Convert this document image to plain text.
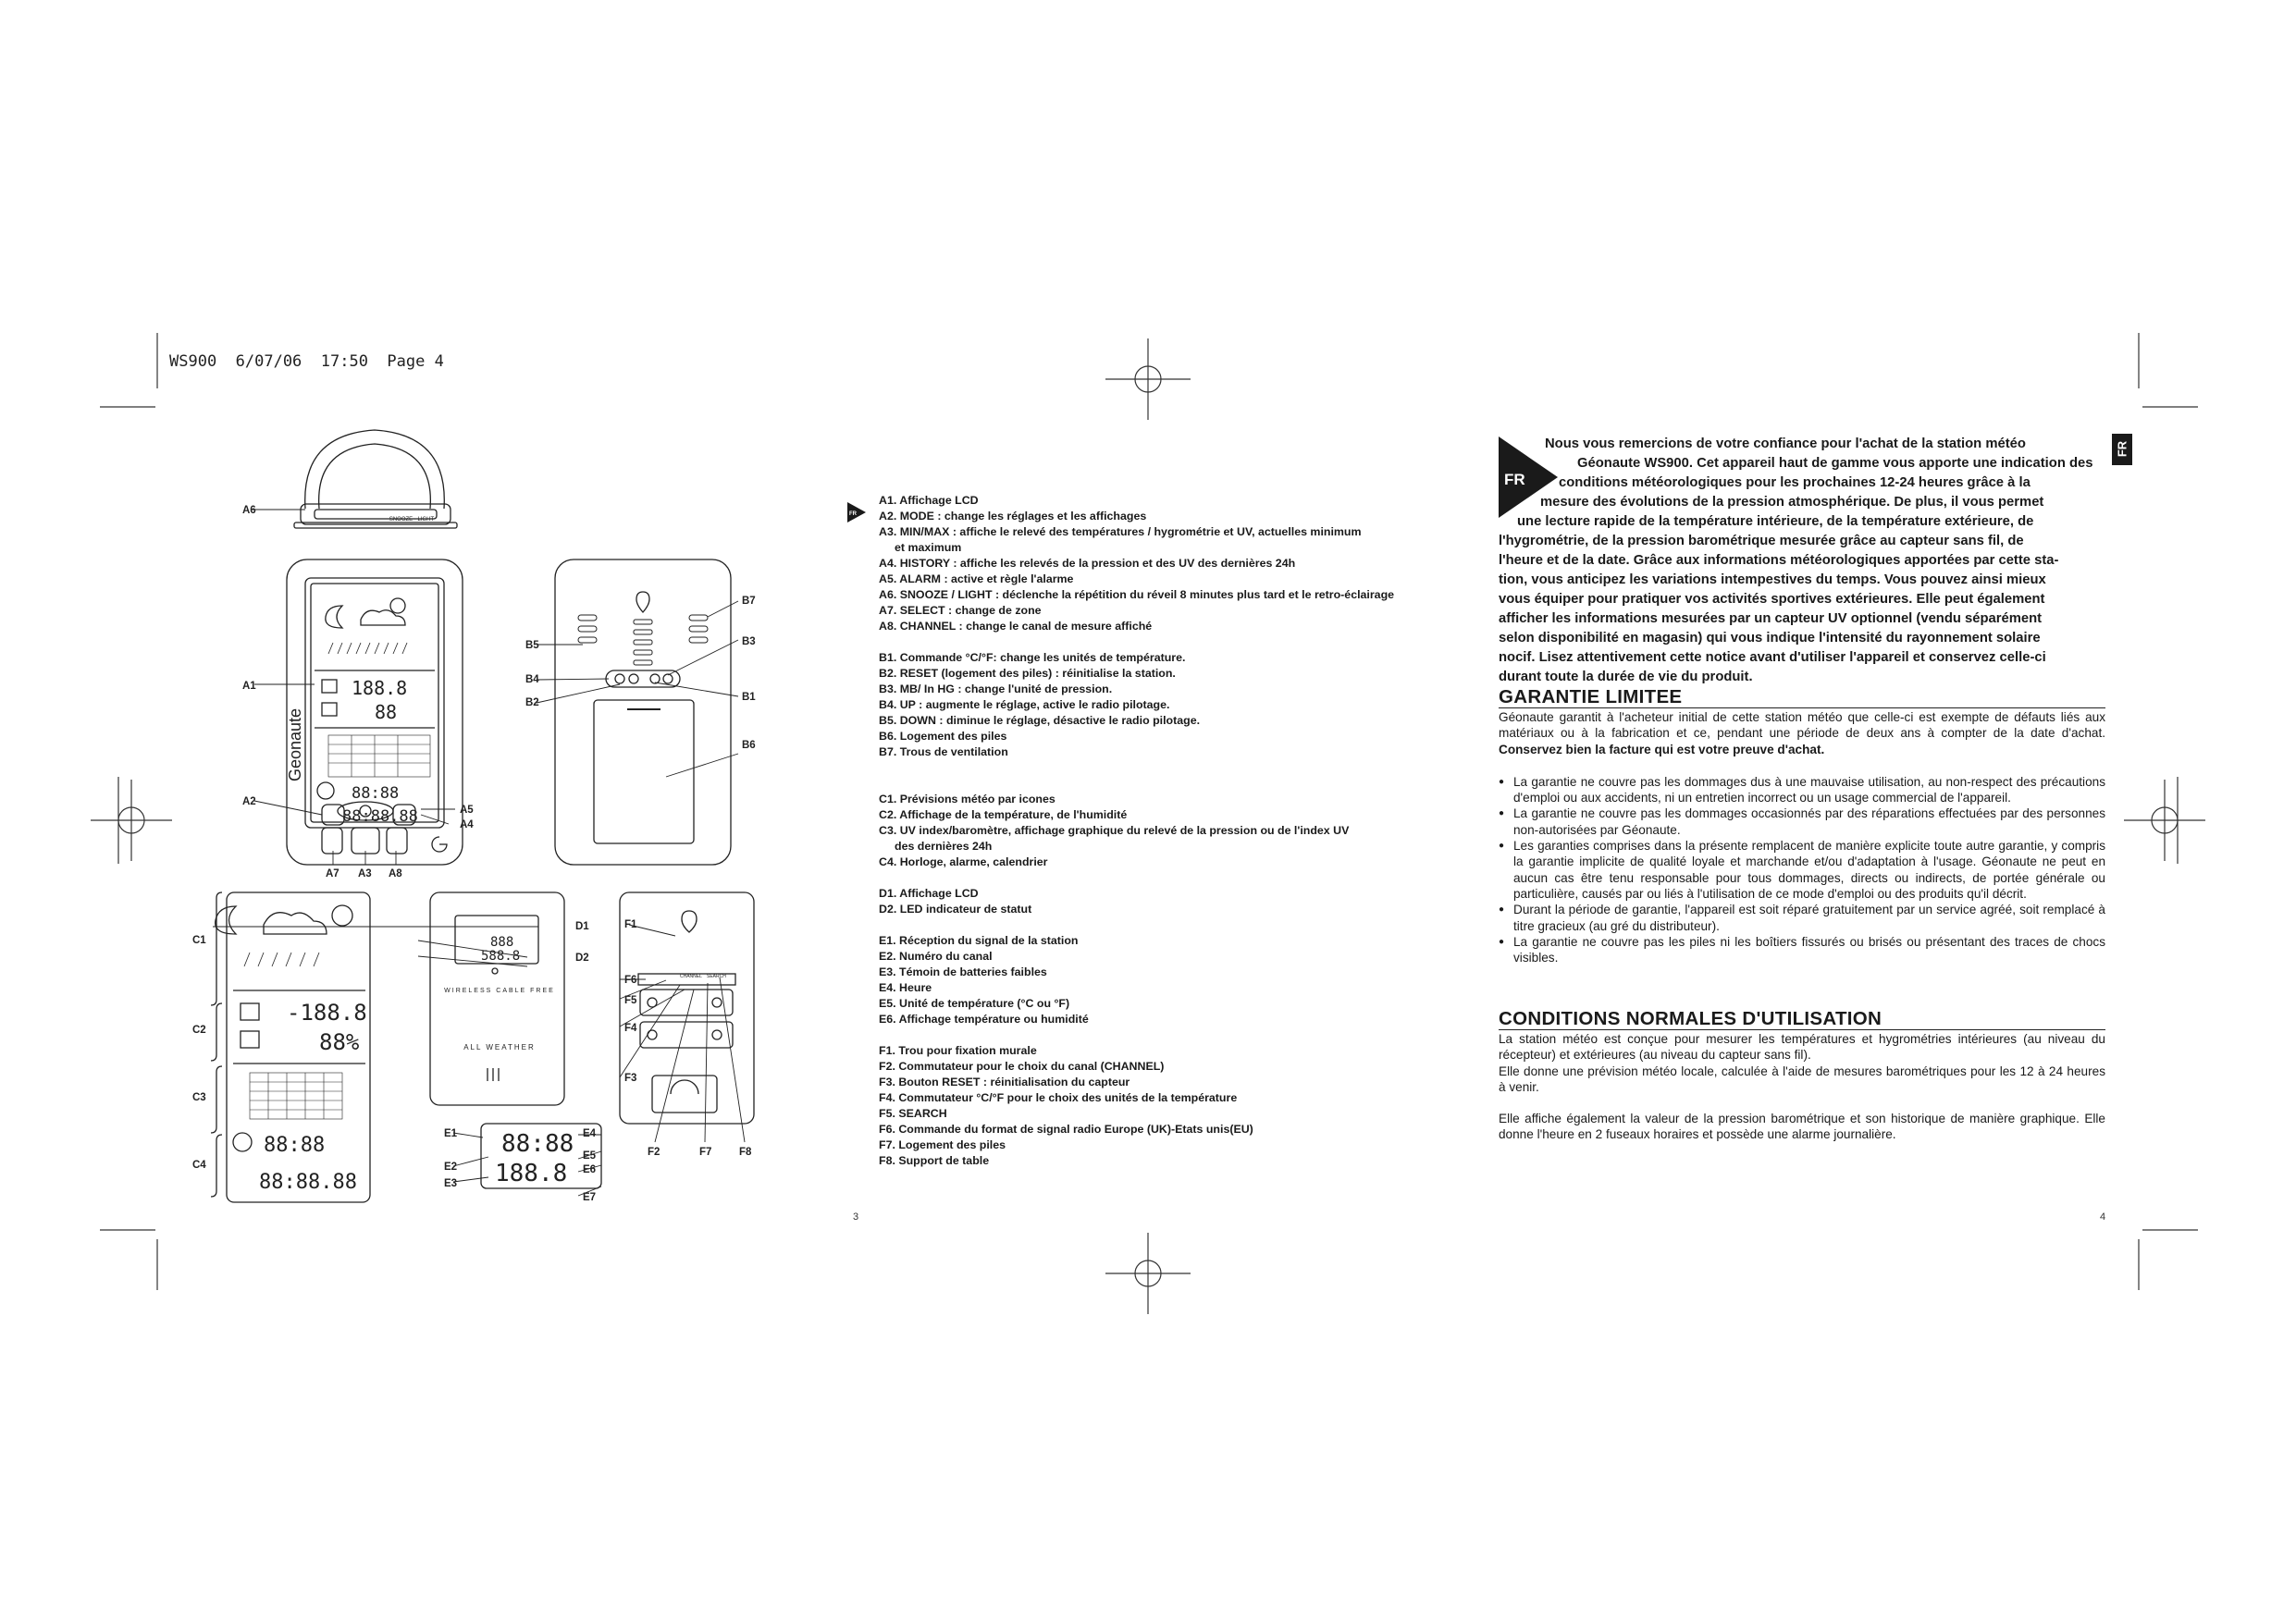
WS900  6/07/06  17:50  Page 4
188.8
88
88:88
88:88.88
-188.8
88%
88:88
88:88.88
888
588.8
88:88
188.8
SNOOZE · LIGHT
Geonaute
ALL WEATHER
WIRELESS CABLE FREE
CHANNEL SEARCH
A6
A1
A2
A5
A4
A7 A3 A8
B7
B5	B3
B4
B1
B2
B6
C1
C2
C3
C4
D1
D2
E1
E2
E3
E4
E5
E6
E7
F1
F6
F5
F4
F3
F2	F7	F8
FR
A1. Affichage LCD
A2. MODE : change les réglages et les affichages
A3. MIN/MAX : affiche le relevé des températures / hygrométrie et UV, actuelles minimum
et maximum
A4. HISTORY : affiche les relevés de la pression et des UV des dernières 24h
A5. ALARM : active et règle l'alarme
A6. SNOOZE / LIGHT : déclenche la répétition du réveil 8 minutes plus tard et le retro-éclairage
A7. SELECT : change de zone
A8. CHANNEL : change le canal de mesure affiché
B1. Commande °C/°F: change les unités de température.
B2. RESET (logement des piles) : réinitialise la station.
B3. MB/ In HG : change l'unité de pression.
B4. UP : augmente le réglage, active le radio pilotage.
B5. DOWN : diminue le réglage, désactive le radio pilotage.
B6. Logement des piles
B7. Trous de ventilation
C1. Prévisions météo par icones
C2. Affichage de la température, de l'humidité
C3. UV index/baromètre, affichage graphique du relevé de la pression ou de l'index UV
des dernières 24h
C4. Horloge, alarme, calendrier
D1. Affichage LCD
D2. LED indicateur de statut
E1. Réception du signal de la station
E2. Numéro du canal
E3. Témoin de batteries faibles
E4. Heure
E5. Unité de température (°C ou °F)
E6. Affichage température ou humidité
F1. Trou pour fixation murale
F2. Commutateur pour le choix du canal (CHANNEL)
F3. Bouton RESET : réinitialisation du capteur
F4. Commutateur °C/°F pour le choix des unités de la température
F5. SEARCH
F6. Commande du format de signal radio Europe (UK)-Etats unis(EU)
F7. Logement des piles
F8. Support de table
3	4
FR
FR
Nous vous remercions de votre confiance pour l'achat de la station météo
Géonaute WS900. Cet appareil haut de gamme vous apporte une indication des
conditions météorologiques pour les prochaines 12-24 heures grâce à la
mesure des évolutions de la pression atmosphérique. De plus, il vous permet
une lecture rapide de la température intérieure, de la température extérieure, de
l'hygrométrie, de la pression barométrique mesurée grâce au capteur sans fil, de
l'heure et de la date. Grâce aux informations météorologiques apportées par cette sta-
tion, vous anticipez les variations intempestives du temps. Vous pouvez ainsi mieux
vous équiper pour pratiquer vos activités sportives extérieures. Elle peut également
afficher les informations mesurées par un capteur UV optionnel (vendu séparément
selon disponibilité en magasin) qui vous indique l'intensité du rayonnement solaire
nocif. Lisez attentivement cette notice avant d'utiliser l'appareil et conservez celle-ci
durant toute la durée de vie du produit.
GARANTIE LIMITEE

Géonaute garantit à l'acheteur initial de cette station météo que celle-ci est exempte de défauts liés aux matériaux ou à la fabrication et ce, pendant une période de deux ans à compter de la date d'achat. Conservez bien la facture qui est votre preuve d'achat.

● La garantie ne couvre pas les dommages dus à une mauvaise utilisation, au non-respect des précautions d'emploi ou aux accidents, ni un entretien incorrect ou un usage commercial de l'appareil.
● La garantie ne couvre pas les dommages occasionnés par des réparations effectuées par des personnes non-autorisées par Géonaute.
● Les garanties comprises dans la présente remplacent de manière explicite toute autre garantie, y compris la garantie implicite de qualité loyale et marchande et/ou d'adaptation à l'usage. Géonaute ne peut en aucun cas être tenu responsable pour tous dommages, directs ou indirects, de portée générale ou particulière, causés par ou liés à l'utilisation de ce mode d'emploi ou des produits qu'il décrit.
● Durant la période de garantie, l'appareil est soit réparé gratuitement par un service agréé, soit remplacé à titre gracieux (au gré du distributeur).
● La garantie ne couvre pas les piles ni les boîtiers fissurés ou brisés ou présentant des traces de chocs visibles.
CONDITIONS NORMALES D'UTILISATION

La station météo est conçue pour mesurer les températures et hygrométries intérieures (au niveau du récepteur) et extérieures (au niveau du capteur sans fil).

Elle donne une prévision météo locale, calculée à l'aide de mesures barométriques pour les 12 à 24 heures à venir.

Elle affiche également la valeur de la pression barométrique et son historique de manière graphique. Elle donne l'heure en 2 fuseaux horaires et possède une alarme journalière.
